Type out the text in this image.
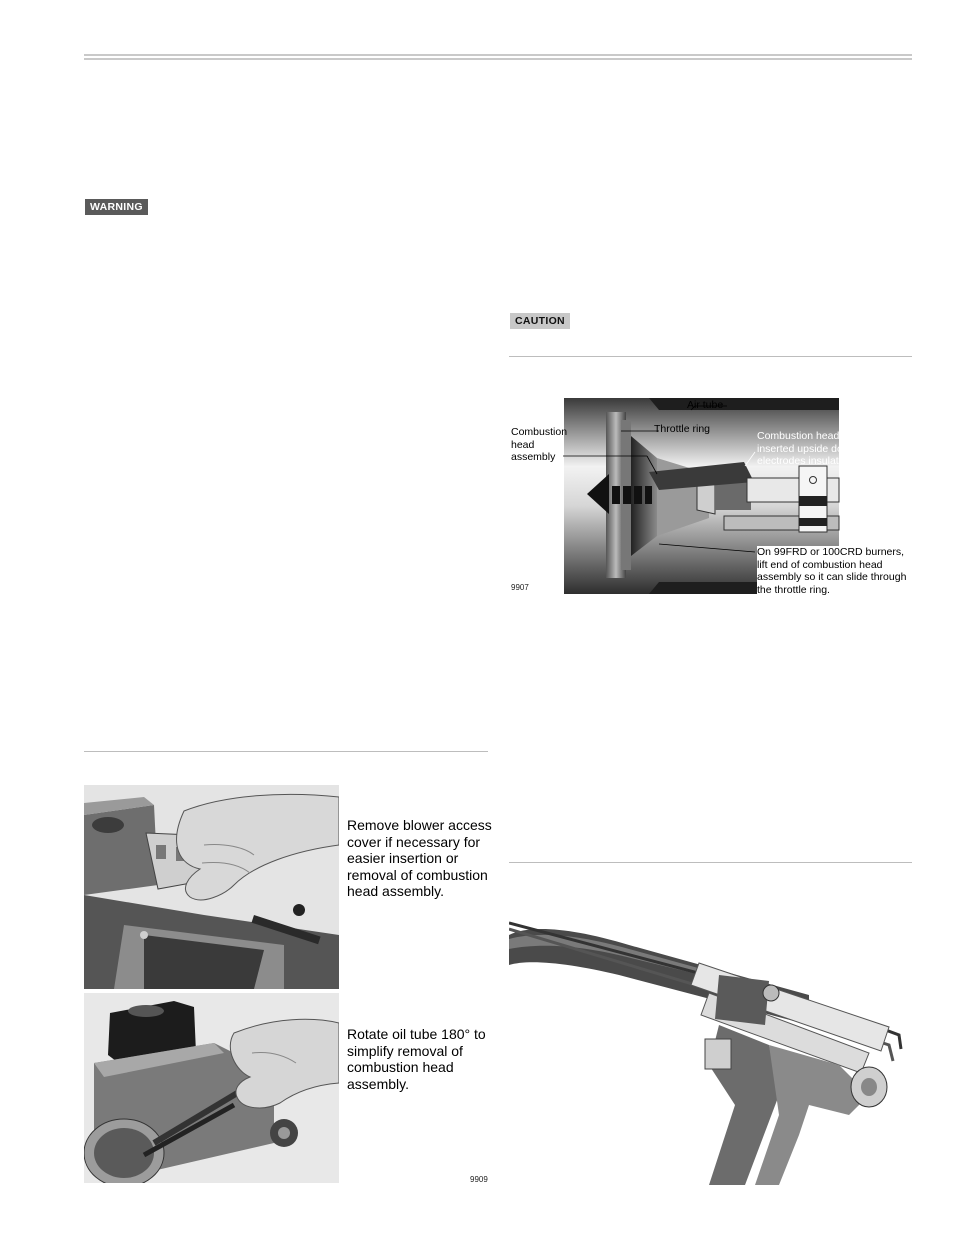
WARNING
CAUTION
Air tube
Throttle ring
Combustion
head
assembly
Combustion head assembly is
inserted upside down so
electrodes insulators clear.
On 99FRD or 100CRD burners,
lift end of combustion head
assembly so it can slide through
the throttle ring.
9907
Remove blower access
cover if necessary for
easier insertion or
removal of combustion
head assembly.
Rotate oil tube 180° to
simplify removal of
combustion head
assembly.
9909
